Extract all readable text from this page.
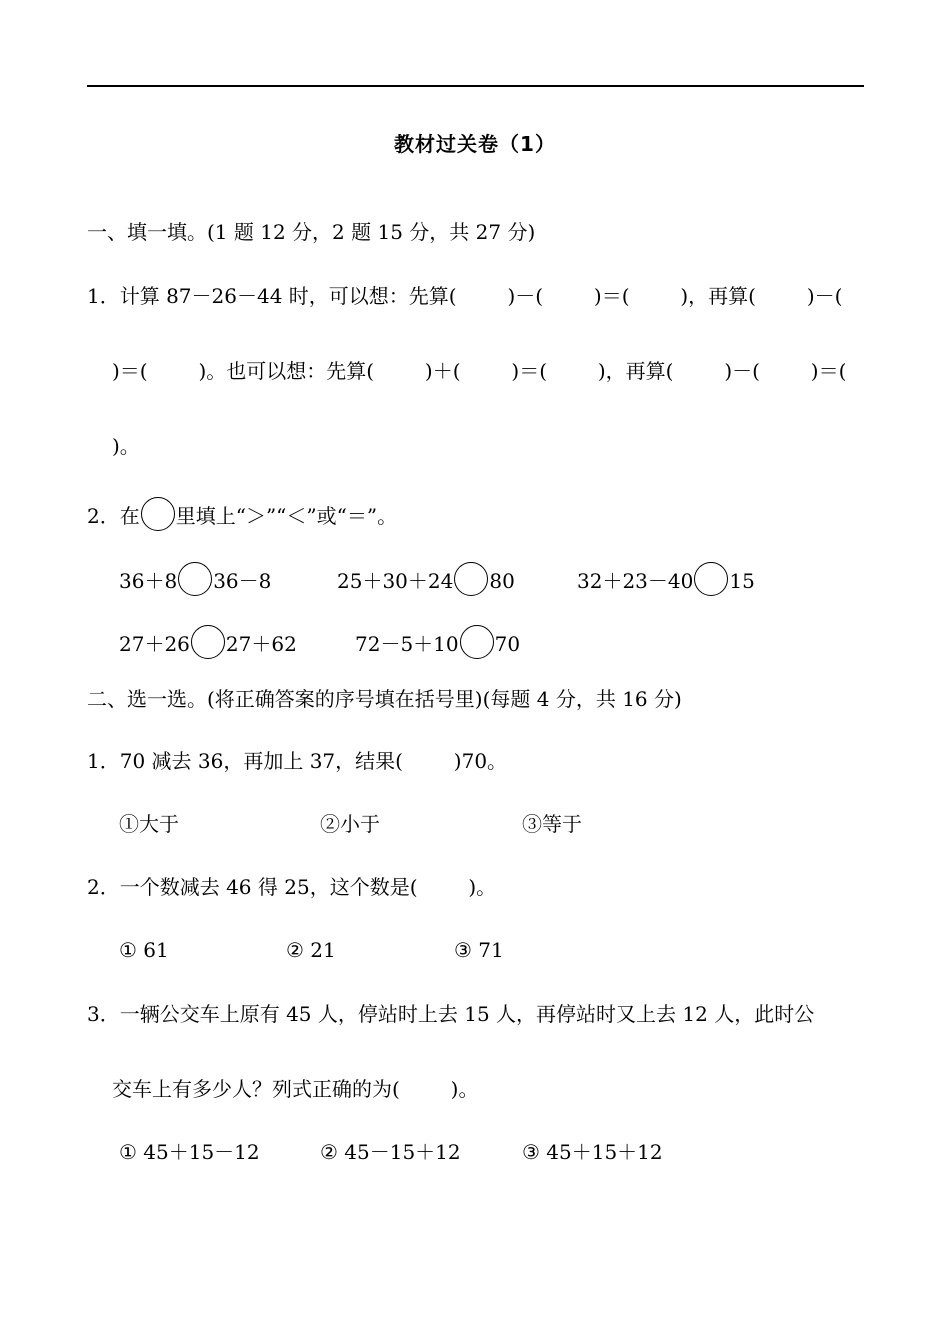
教材过关卷（1）
一、填一填。(1 题 12 分，2 题 15 分，共 27 分)
1．计算 87－26－44 时，可以想：先算(        )－(        )＝(        )，再算(        )－(
)＝(        )。也可以想：先算(        )＋(        )＝(        )，再算(        )－(        )＝(
)。
2．在 里填上“＞”“＜”或“＝”。
36＋8 36－8	25＋30＋24 80	32＋23－40 15
27＋26 27＋62	72－5＋10 70
二、选一选。(将正确答案的序号填在括号里)(每题 4 分，共 16 分)
1．70 减去 36，再加上 37，结果(        )70。
①大于	②小于	③等于
2．一个数减去 46 得 25，这个数是(        )。
① 61	② 21	③ 71
3．一辆公交车上原有 45 人，停站时上去 15 人，再停站时又上去 12 人，此时公
交车上有多少人？列式正确的为(        )。
① 45＋15－12	② 45－15＋12	③ 45＋15＋12
